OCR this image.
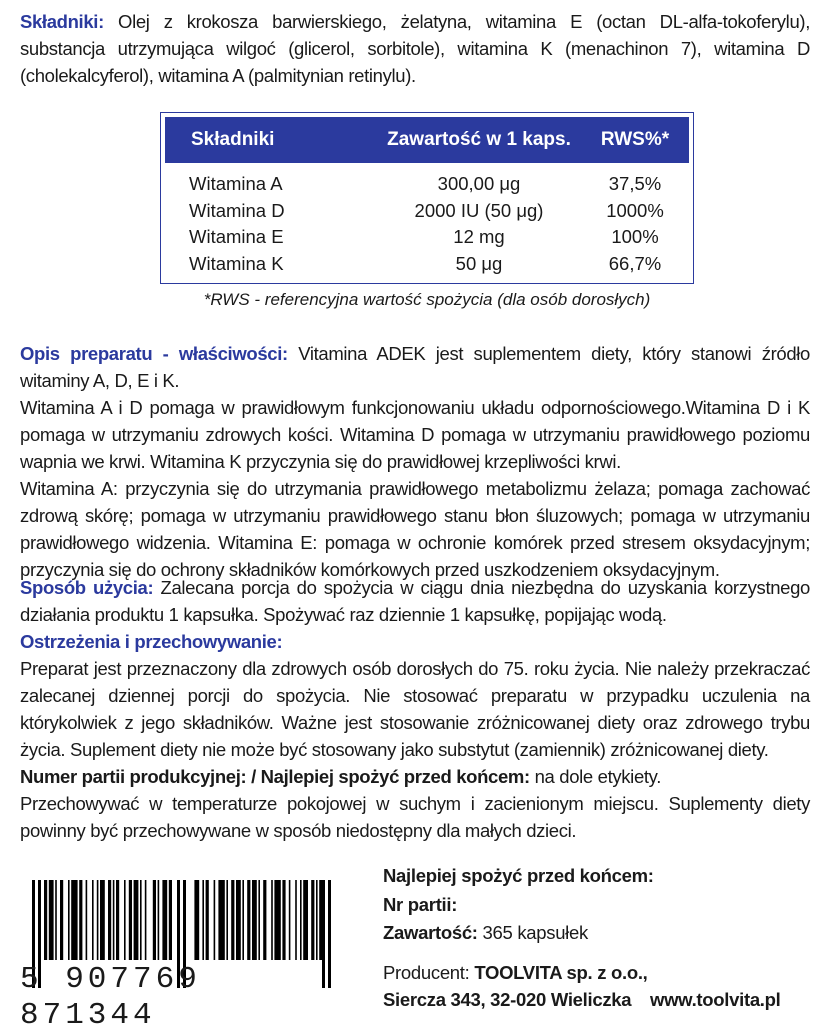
Składniki: Olej z krokosza barwierskiego, żelatyna, witamina E (octan DL-alfa-tokoferylu), substancja utrzymująca wilgoć (glicerol, sorbitole), witamina K (menachinon 7), witamina D (cholekalcyferol), witamina A (palmitynian retinylu).
Składniki	Zawartość w 1 kaps.	RWS%*
Witamina A	300,00 μg	37,5%
Witamina D	2000 IU (50 μg)	1000%
Witamina E	12 mg	100%
Witamina K	50 μg	66,7%
*RWS - referencyjna wartość spożycia (dla osób dorosłych)
Opis preparatu - właściwości: Vitamina ADEK jest suplementem diety, który stanowi źródło witaminy A, D, E i K.
Witamina A i D pomaga w prawidłowym funkcjonowaniu układu odpornościowego.Witamina D i K pomaga w utrzymaniu zdrowych kości. Witamina D pomaga w utrzymaniu prawidłowego poziomu wapnia we krwi. Witamina K przyczynia się do prawidłowej krzepliwości krwi.
Witamina A: przyczynia się do utrzymania prawidłowego metabolizmu żelaza; pomaga zachować zdrową skórę; pomaga w utrzymaniu prawidłowego stanu błon śluzowych; pomaga w utrzymaniu prawidłowego widzenia. Witamina E: pomaga w ochronie komórek przed stresem oksydacyjnym; przyczynia się do ochrony składników komórkowych przed uszkodzeniem oksydacyjnym.
Sposób użycia: Zalecana porcja do spożycia w ciągu dnia niezbędna do uzyskania korzystnego działania produktu 1 kapsułka. Spożywać raz dziennie 1 kapsułkę, popijając wodą.
Ostrzeżenia i przechowywanie:
Preparat jest przeznaczony dla zdrowych osób dorosłych do 75. roku życia. Nie należy przekraczać zalecanej dziennej porcji do spożycia. Nie stosować preparatu w przypadku uczulenia na którykolwiek z jego składników. Ważne jest stosowanie zróżnicowanej diety oraz zdrowego trybu życia. Suplement diety nie może być stosowany jako substytut (zamiennik) zróżnicowanej diety.
Numer partii produkcyjnej: / Najlepiej spożyć przed końcem: na dole etykiety.
Przechowywać w temperaturze pokojowej w suchym i zacienionym miejscu. Suplementy diety powinny być przechowywane w sposób niedostępny dla małych dzieci.
5 907769 871344
Najlepiej spożyć przed końcem:
Nr partii:
Zawartość: 365 kapsułek
Producent: TOOLVITA sp. z o.o.,
Siercza 343, 32-020 Wieliczka www.toolvita.pl
